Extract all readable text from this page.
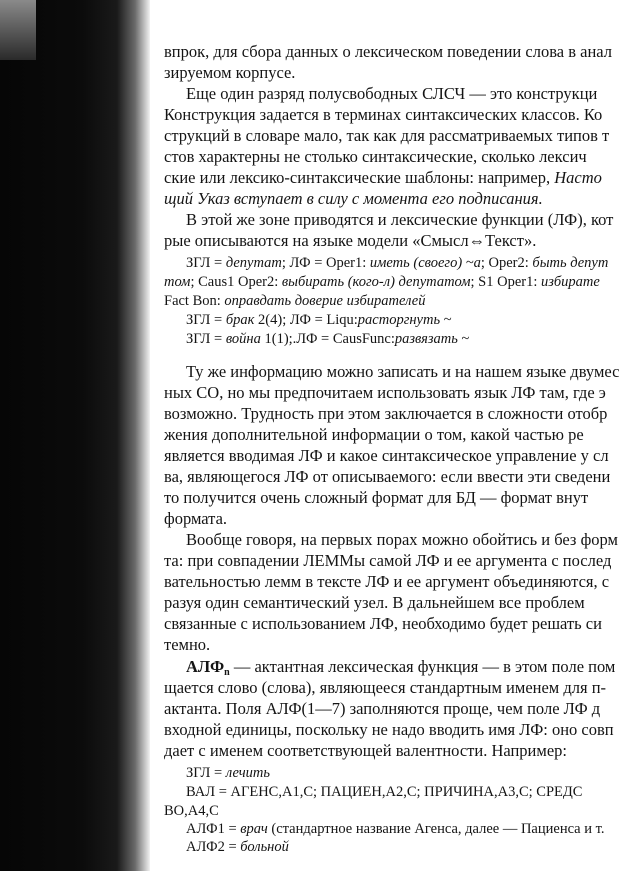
впрок, для сбора данных о лексическом поведении слова в анал
зируемом корпусе.
Еще один разряд полусвободных СЛСЧ — это конструкци
Конструкция задается в терминах синтаксических классов. Ко
струкций в словаре мало, так как для рассматриваемых типов т
стов характерны не столько синтаксические, сколько лексич
ские или лексико-синтаксические шаблоны: например, Насто
щий Указ вступает в силу с момента его подписания.
В этой же зоне приводятся и лексические функции (ЛФ), кот
рые описываются на языке модели «Смысл⇔Текст».
ЗГЛ = депутат; ЛФ = Oper1: иметь (своего) ~а; Oper2: быть депут
том; Caus1 Oper2: выбирать (кого-л) депутатом; S1 Oper1: избирате
Fact Bon: оправдать доверие избирателей
ЗГЛ = брак 2(4); ЛФ = Liqu:расторгнуть ~
ЗГЛ = война 1(1);.ЛФ = CausFunc:развязать ~
Ту же информацию можно записать и на нашем языке двумес
ных СО, но мы предпочитаем использовать язык ЛФ там, где э
возможно. Трудность при этом заключается в сложности отобр
жения дополнительной информации о том, какой частью ре
является вводимая ЛФ и какое синтаксическое управление у сл
ва, являющегося ЛФ от описываемого: если ввести эти сведени
то получится очень сложный формат для БД — формат внут
формата.
Вообще говоря, на первых порах можно обойтись и без форм
та: при совпадении ЛЕММы самой ЛФ и ее аргумента с послед
вательностью лемм в тексте ЛФ и ее аргумент объединяются, с
разуя один семантический узел. В дальнейшем все проблем
связанные с использованием ЛФ, необходимо будет решать си
темно.
$АЛФ_n$ — актантная лексическая функция — в этом поле пом
щается слово (слова), являющееся стандартным именем для п-
актанта. Поля АЛФ(1—7) заполняются проще, чем поле ЛФ д
входной единицы, поскольку не надо вводить имя ЛФ: оно совп
дает с именем соответствующей валентности. Например:
ЗГЛ = лечить
ВАЛ = АГЕНС,А1,С; ПАЦИЕН,А2,С; ПРИЧИНА,А3,С; СРЕДС
ВО,А4,С
АЛФ1 = врач (стандартное название Агенса, далее — Пациенса и т.
АЛФ2 = больной
